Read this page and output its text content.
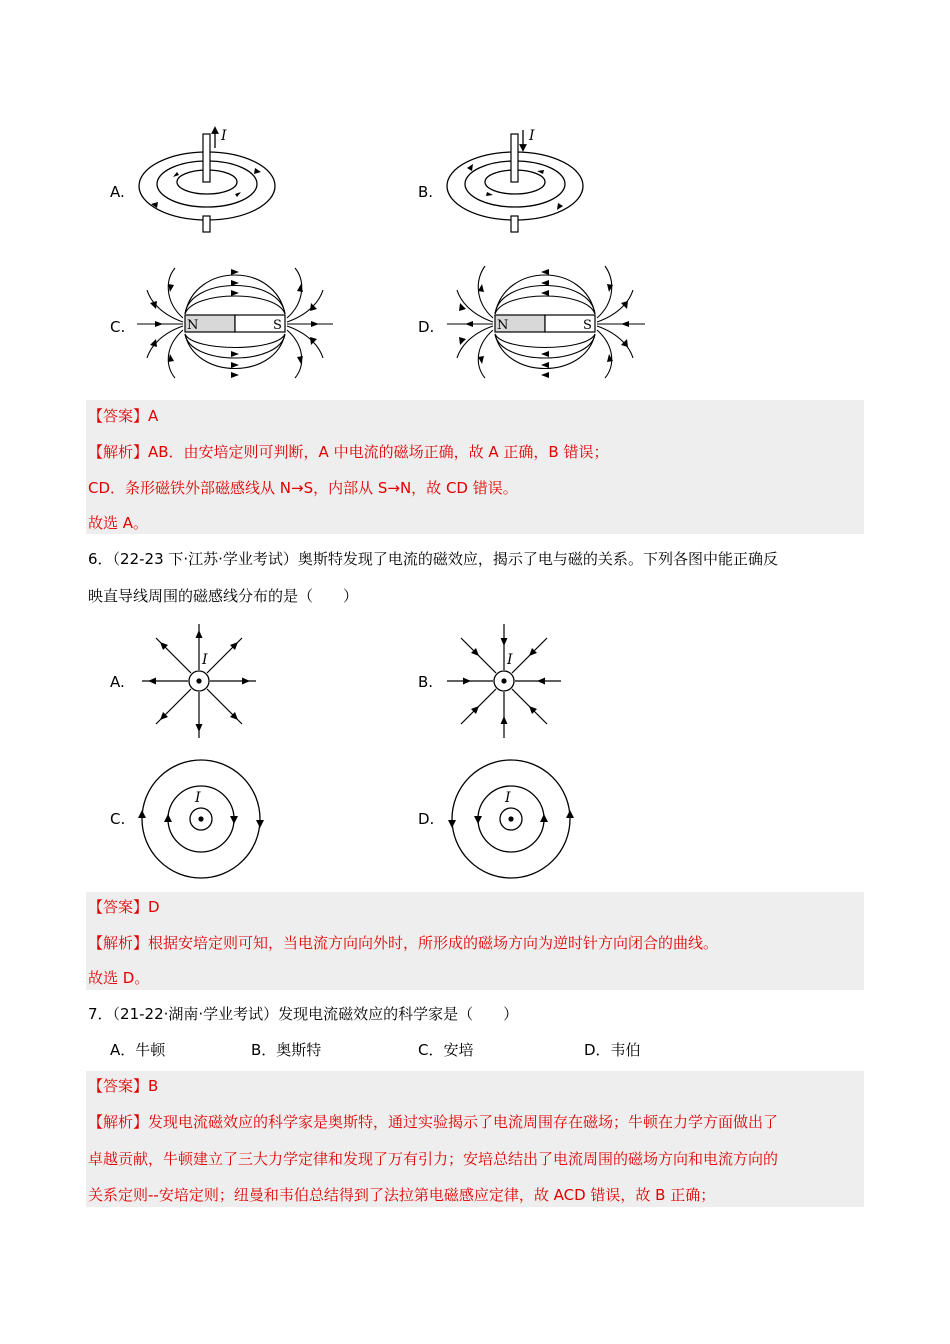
A.
I
B.
I
C.	N	S	D.	N	S
【答案】A
【解析】AB．由安培定则可判断，A 中电流的磁场正确，故 A 正确，B 错误；
CD．条形磁铁外部磁感线从 N→S，内部从 S→N，故 CD 错误。
故选 A。
6．（22-23 下·江苏·学业考试）奥斯特发现了电流的磁效应，揭示了电与磁的关系。下列各图中能正确反
映直导线周围的磁感线分布的是（　　）
A.
I
B.
I
C.
I
D.
I
【答案】D
【解析】根据安培定则可知，当电流方向向外时，所形成的磁场方向为逆时针方向闭合的曲线。
故选 D。
7．（21-22·湖南·学业考试）发现电流磁效应的科学家是（　　）
A．牛顿	B．奥斯特	C．安培	D．韦伯
【答案】B
【解析】发现电流磁效应的科学家是奥斯特，通过实验揭示了电流周围存在磁场；牛顿在力学方面做出了
卓越贡献，牛顿建立了三大力学定律和发现了万有引力；安培总结出了电流周围的磁场方向和电流方向的
关系定则--安培定则；纽曼和韦伯总结得到了法拉第电磁感应定律，故 ACD 错误，故 B 正确；
